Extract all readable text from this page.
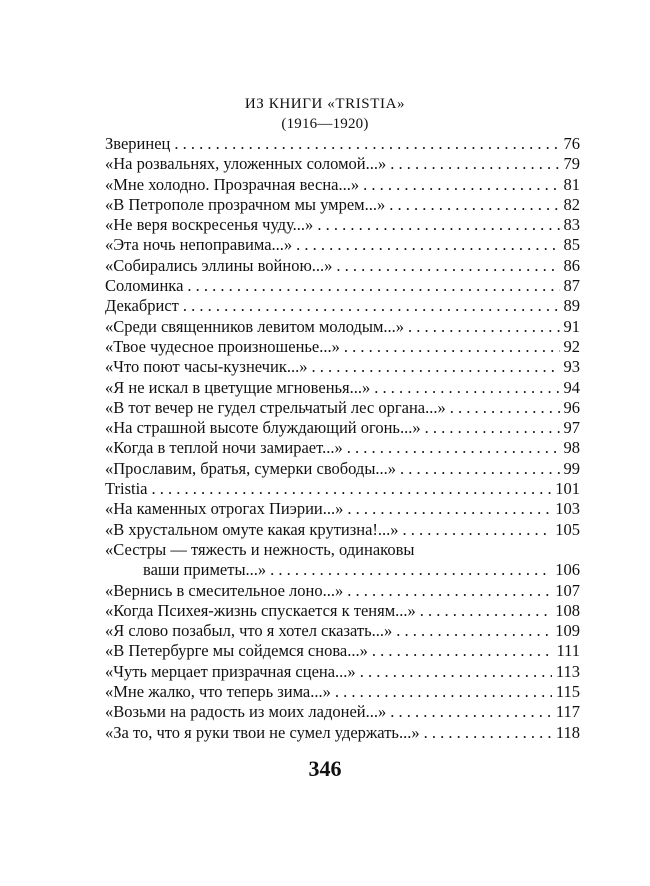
ИЗ КНИГИ «TRISTIA»
(1916—1920)
Зверинец . . .	76
«На розвальнях, уложенных соломой...» . . .	79
«Мне холодно. Прозрачная весна...» . . .	81
«В Петрополе прозрачном мы умрем...» . . .	82
«Не веря воскресенья чуду...» . . .	83
«Эта ночь непоправима...» . . .	85
«Собирались эллины войною...» . . .	86
Соломинка . . .	87
Декабрист . . .	89
«Среди священников левитом молодым...» . . .	91
«Твое чудесное произношенье...» . . .	92
«Что поют часы-кузнечик...» . . .	93
«Я не искал в цветущие мгновенья...» . . .	94
«В тот вечер не гудел стрельчатый лес органа...» . . .	96
«На страшной высоте блуждающий огонь...» . . .	97
«Когда в теплой ночи замирает...» . . .	98
«Прославим, братья, сумерки свободы...» . . .	99
Tristia . . .	101
«На каменных отрогах Пиэрии...» . . .	103
«В хрустальном омуте какая крутизна!...» . . .	105
«Сестры — тяжесть и нежность, одинаковы
ваши приметы...» . . .	106
«Вернись в смесительное лоно...» . . .	107
«Когда Психея-жизнь спускается к теням...» . . .	108
«Я слово позабыл, что я хотел сказать...» . . .	109
«В Петербурге мы сойдемся снова...» . . .	111
«Чуть мерцает призрачная сцена...» . . .	113
«Мне жалко, что теперь зима...» . . .	115
«Возьми на радость из моих ладоней...» . . .	117
«За то, что я руки твои не сумел удержать...» . . .	118
346
